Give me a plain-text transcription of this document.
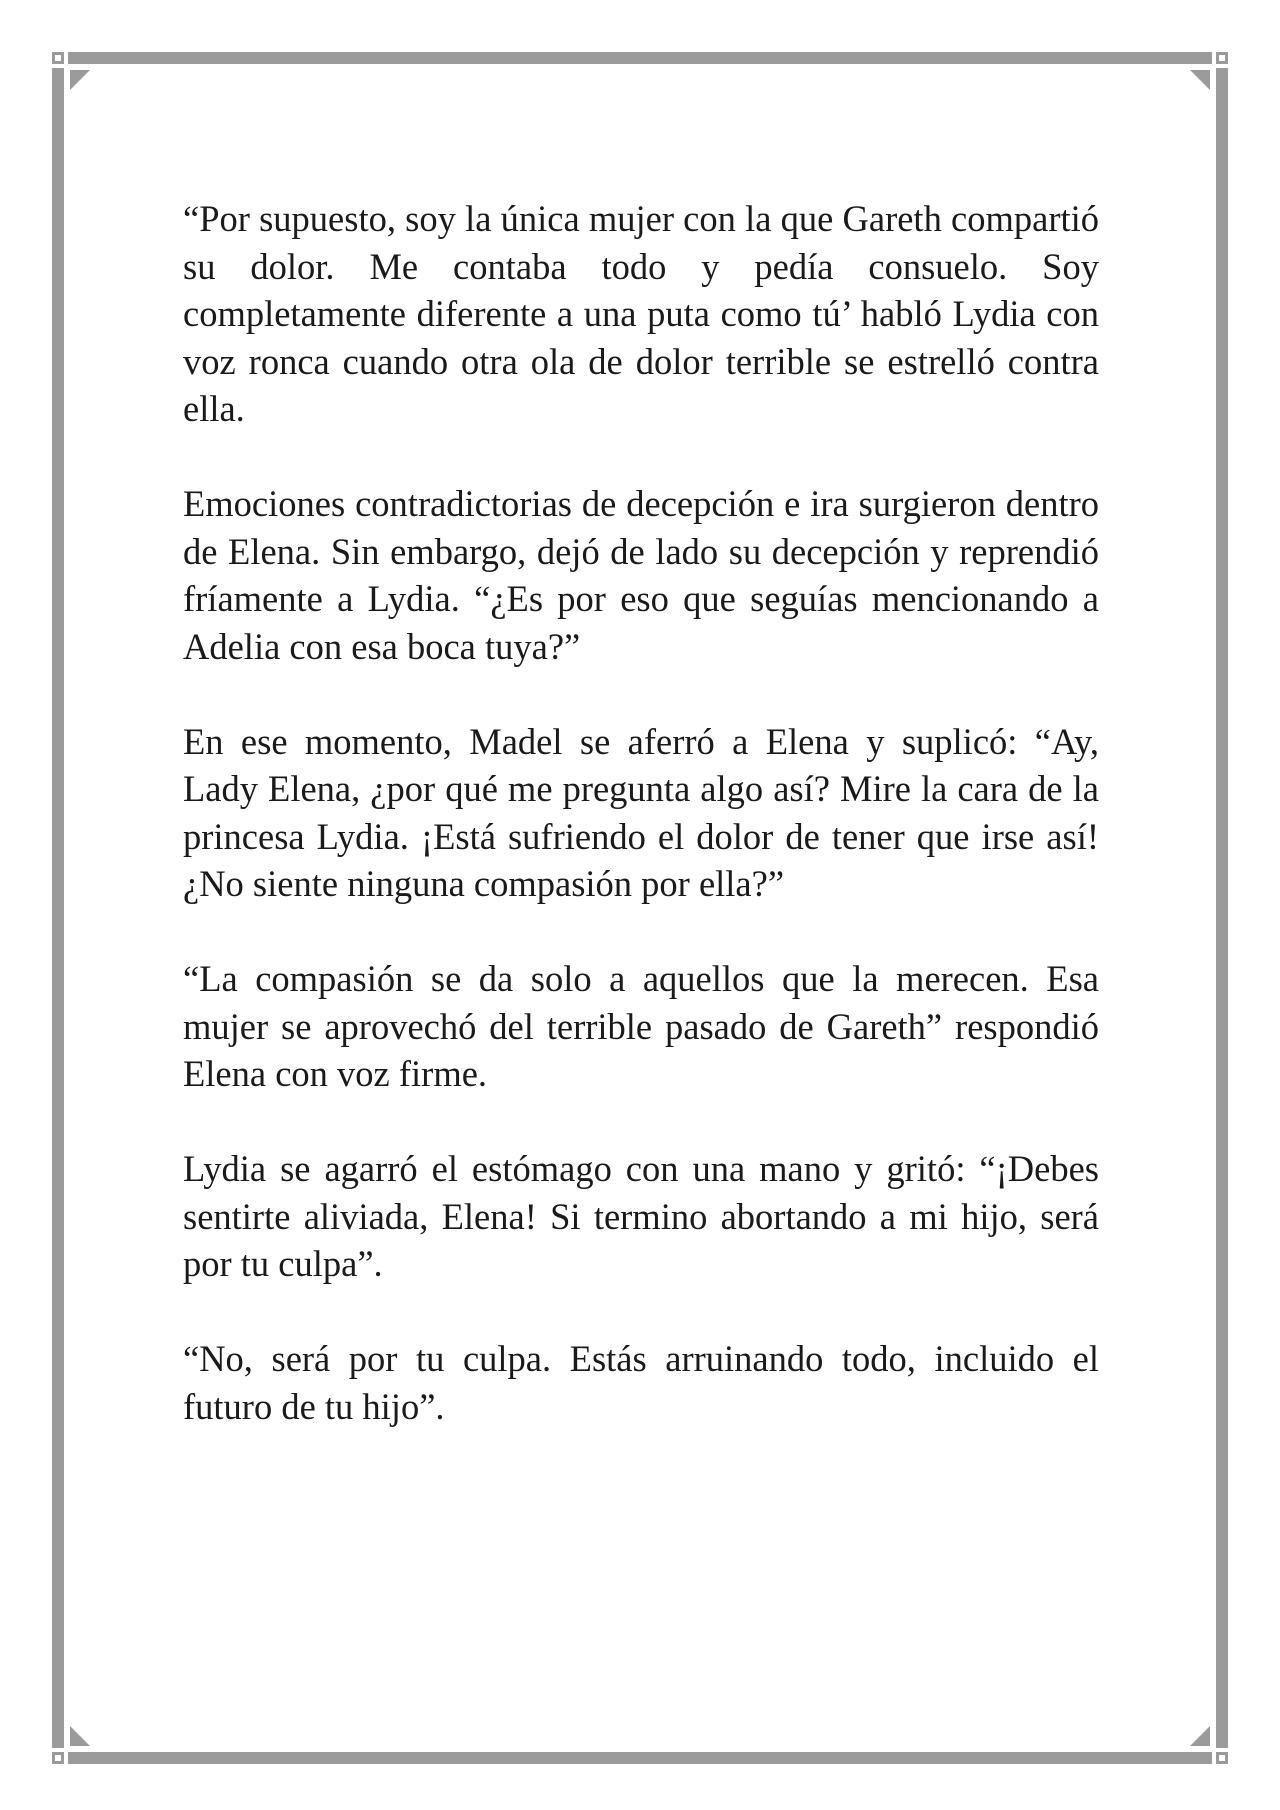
“Por supuesto, soy la única mujer con la que Gareth compartió su dolor. Me contaba todo y pedía consuelo. Soy completamente diferente a una puta como tú’ habló Lydia con voz ronca cuando otra ola de dolor terrible se estrelló contra ella.

Emociones contradictorias de decepción e ira surgieron dentro de Elena. Sin embargo, dejó de lado su decepción y reprendió fríamente a Lydia. “¿Es por eso que seguías mencionando a Adelia con esa boca tuya?”

En ese momento, Madel se aferró a Elena y suplicó: “Ay, Lady Elena, ¿por qué me pregunta algo así? Mire la cara de la princesa Lydia. ¡Está sufriendo el dolor de tener que irse así! ¿No siente ninguna compasión por ella?”

“La compasión se da solo a aquellos que la merecen. Esa mujer se aprovechó del terrible pasado de Gareth” respondió Elena con voz firme.

Lydia se agarró el estómago con una mano y gritó: “¡Debes sentirte aliviada, Elena! Si termino abortando a mi hijo, será por tu culpa”.

“No, será por tu culpa. Estás arruinando todo, incluido el futuro de tu hijo”.
